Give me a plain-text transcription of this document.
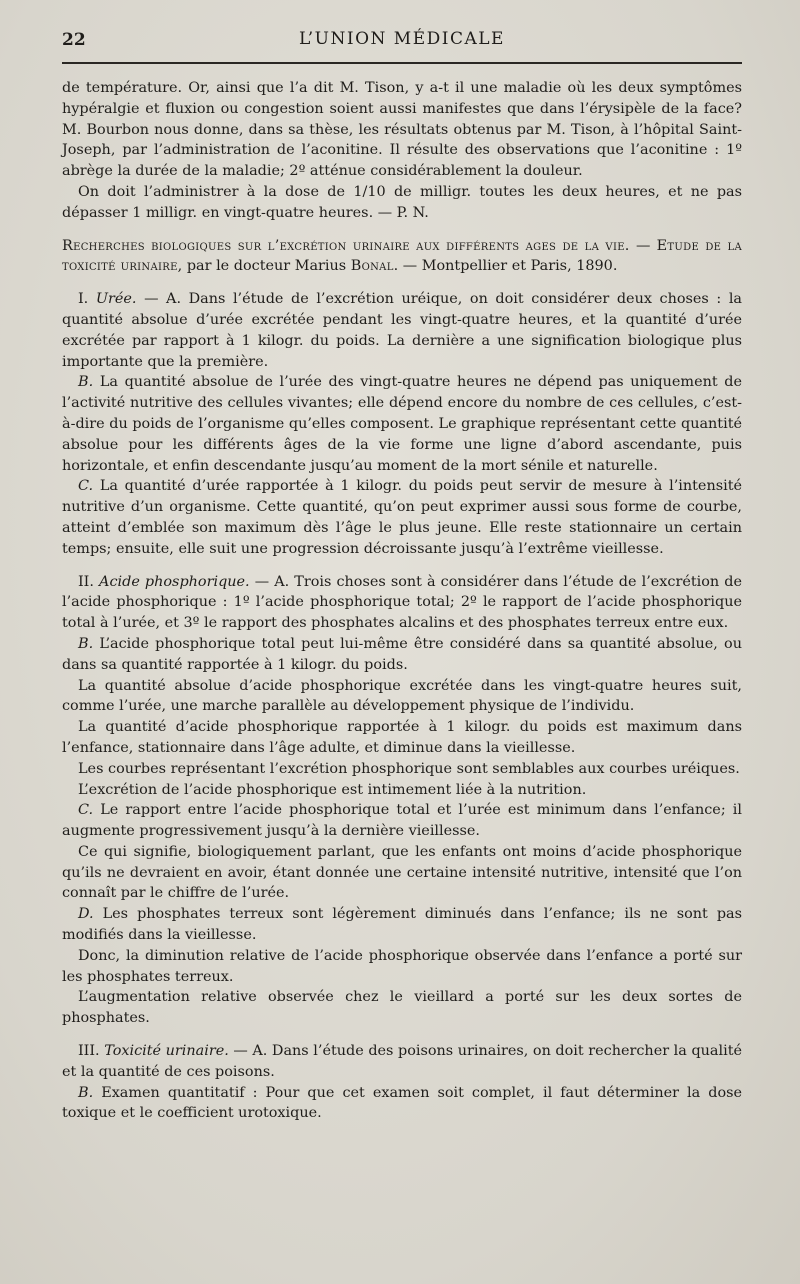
22	L’UNION MÉDICALE

de température. Or, ainsi que l’a dit M. Tison, y a-t il une maladie où les deux symptômes hypéralgie et fluxion ou congestion soient aussi manifestes que dans l’érysipèle de la face? M. Bourbon nous donne, dans sa thèse, les résultats obtenus par M. Tison, à l’hôpital Saint-Joseph, par l’administration de l’aconitine. Il résulte des observations que l’aconitine : 1º abrège la durée de la maladie; 2º atténue considérablement la douleur.

On doit l’administrer à la dose de 1/10 de milligr. toutes les deux heures, et ne pas dépasser 1 milligr. en vingt-quatre heures. — P. N.

Recherches biologiques sur l’excrétion urinaire aux différents ages de la vie. — Etude de la toxicité urinaire, par le docteur Marius Bonal. — Montpellier et Paris, 1890.

I. Urée. — A. Dans l’étude de l’excrétion uréique, on doit considérer deux choses : la quantité absolue d’urée excrétée pendant les vingt-quatre heures, et la quantité d’urée excrétée par rapport à 1 kilogr. du poids. La dernière a une signification biologique plus importante que la première.

B. La quantité absolue de l’urée des vingt-quatre heures ne dépend pas uniquement de l’activité nutritive des cellules vivantes; elle dépend encore du nombre de ces cellules, c’est-à-dire du poids de l’organisme qu’elles composent. Le graphique représentant cette quantité absolue pour les différents âges de la vie forme une ligne d’abord ascendante, puis horizontale, et enfin descendante jusqu’au moment de la mort sénile et naturelle.

C. La quantité d’urée rapportée à 1 kilogr. du poids peut servir de mesure à l’intensité nutritive d’un organisme. Cette quantité, qu’on peut exprimer aussi sous forme de courbe, atteint d’emblée son maximum dès l’âge le plus jeune. Elle reste stationnaire un certain temps; ensuite, elle suit une progression décroissante jusqu’à l’extrême vieillesse.

II. Acide phosphorique. — A. Trois choses sont à considérer dans l’étude de l’excrétion de l’acide phosphorique : 1º l’acide phosphorique total; 2º le rapport de l’acide phosphorique total à l’urée, et 3º le rapport des phosphates alcalins et des phosphates terreux entre eux.

B. L’acide phosphorique total peut lui-même être considéré dans sa quantité absolue, ou dans sa quantité rapportée à 1 kilogr. du poids.

La quantité absolue d’acide phosphorique excrétée dans les vingt-quatre heures suit, comme l’urée, une marche parallèle au développement physique de l’individu.

La quantité d’acide phosphorique rapportée à 1 kilogr. du poids est maximum dans l’enfance, stationnaire dans l’âge adulte, et diminue dans la vieillesse.

Les courbes représentant l’excrétion phosphorique sont semblables aux courbes uréiques.

L’excrétion de l’acide phosphorique est intimement liée à la nutrition.

C. Le rapport entre l’acide phosphorique total et l’urée est minimum dans l’enfance; il augmente progressivement jusqu’à la dernière vieillesse.

Ce qui signifie, biologiquement parlant, que les enfants ont moins d’acide phosphorique qu’ils ne devraient en avoir, étant donnée une certaine intensité nutritive, intensité que l’on connaît par le chiffre de l’urée.

D. Les phosphates terreux sont légèrement diminués dans l’enfance; ils ne sont pas modifiés dans la vieillesse.

Donc, la diminution relative de l’acide phosphorique observée dans l’enfance a porté sur les phosphates terreux.

L’augmentation relative observée chez le vieillard a porté sur les deux sortes de phosphates.

III. Toxicité urinaire. — A. Dans l’étude des poisons urinaires, on doit rechercher la qualité et la quantité de ces poisons.

B. Examen quantitatif : Pour que cet examen soit complet, il faut déterminer la dose toxique et le coefficient urotoxique.
